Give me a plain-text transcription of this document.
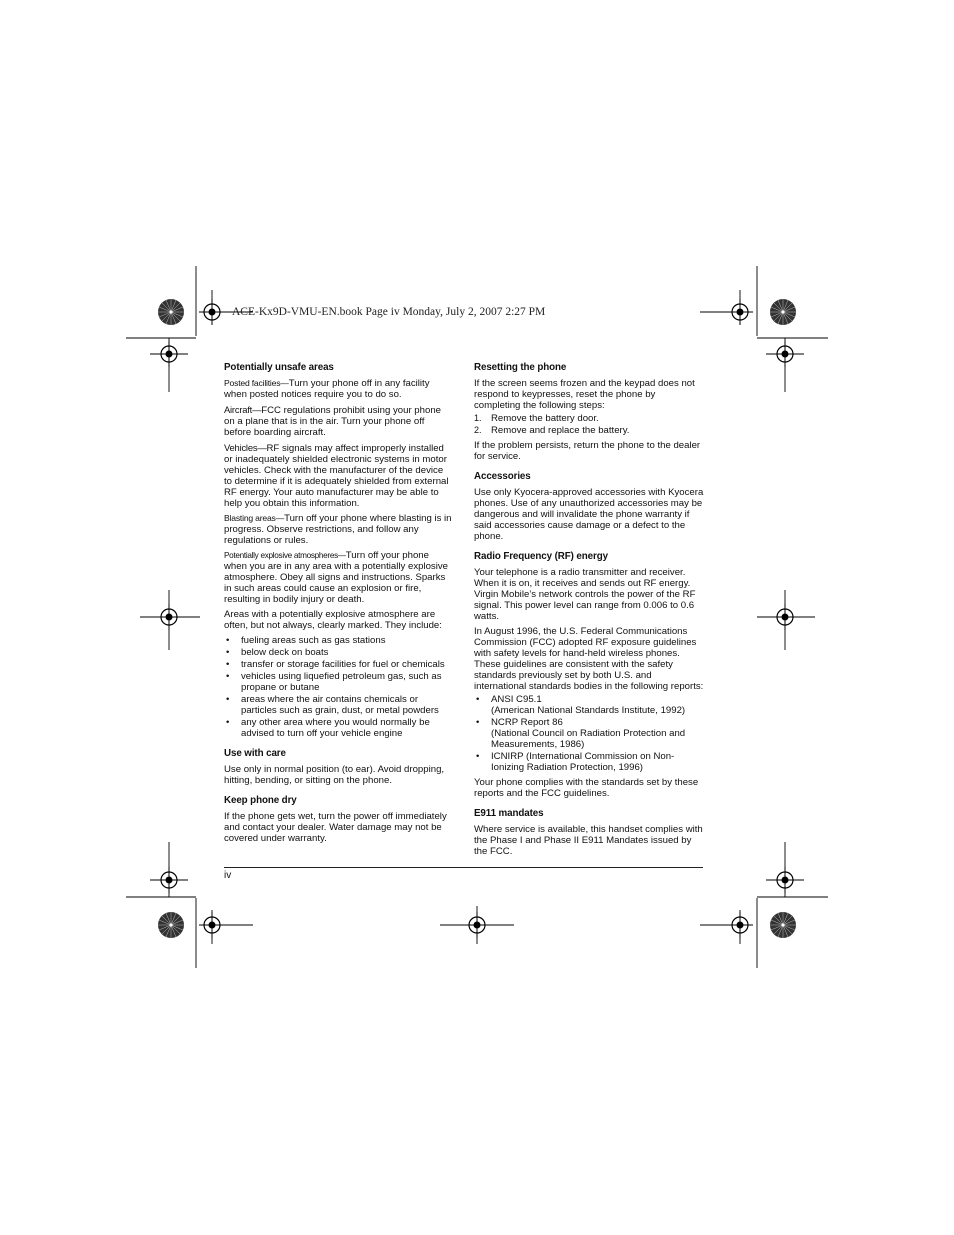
ACE-Kx9D-VMU-EN.book Page iv Monday, July 2, 2007 2:27 PM
Potentially unsafe areas
Posted facilities—Turn your phone off in any facility when posted notices require you to do so.
Aircraft—FCC regulations prohibit using your phone on a plane that is in the air. Turn your phone off before boarding aircraft.
Vehicles—RF signals may affect improperly installed or inadequately shielded electronic systems in motor vehicles. Check with the manufacturer of the device to determine if it is adequately shielded from external RF energy. Your auto manufacturer may be able to help you obtain this information.
Blasting areas—Turn off your phone where blasting is in progress. Observe restrictions, and follow any regulations or rules.
Potentially explosive atmospheres—Turn off your phone when you are in any area with a potentially explosive atmosphere. Obey all signs and instructions. Sparks in such areas could cause an explosion or fire, resulting in bodily injury or death.
Areas with a potentially explosive atmosphere are often, but not always, clearly marked. They include:
• fueling areas such as gas stations
• below deck on boats
• transfer or storage facilities for fuel or chemicals
• vehicles using liquefied petroleum gas, such as propane or butane
• areas where the air contains chemicals or particles such as grain, dust, or metal powders
• any other area where you would normally be advised to turn off your vehicle engine
Use with care
Use only in normal position (to ear). Avoid dropping, hitting, bending, or sitting on the phone.
Keep phone dry
If the phone gets wet, turn the power off immediately and contact your dealer. Water damage may not be covered under warranty.
Resetting the phone
If the screen seems frozen and the keypad does not respond to keypresses, reset the phone by completing the following steps:
1. Remove the battery door.
2. Remove and replace the battery.
If the problem persists, return the phone to the dealer for service.
Accessories
Use only Kyocera-approved accessories with Kyocera phones. Use of any unauthorized accessories may be dangerous and will invalidate the phone warranty if said accessories cause damage or a defect to the phone.
Radio Frequency (RF) energy
Your telephone is a radio transmitter and receiver. When it is on, it receives and sends out RF energy. Virgin Mobile’s network controls the power of the RF signal. This power level can range from 0.006 to 0.6 watts.
In August 1996, the U.S. Federal Communications Commission (FCC) adopted RF exposure guidelines with safety levels for hand-held wireless phones. These guidelines are consistent with the safety standards previously set by both U.S. and international standards bodies in the following reports:
• ANSI C95.1
(American National Standards Institute, 1992)
• NCRP Report 86
(National Council on Radiation Protection and Measurements, 1986)
• ICNIRP (International Commission on Non-Ionizing Radiation Protection, 1996)
Your phone complies with the standards set by these reports and the FCC guidelines.
E911 mandates
Where service is available, this handset complies with the Phase I and Phase II E911 Mandates issued by the FCC.
iv
